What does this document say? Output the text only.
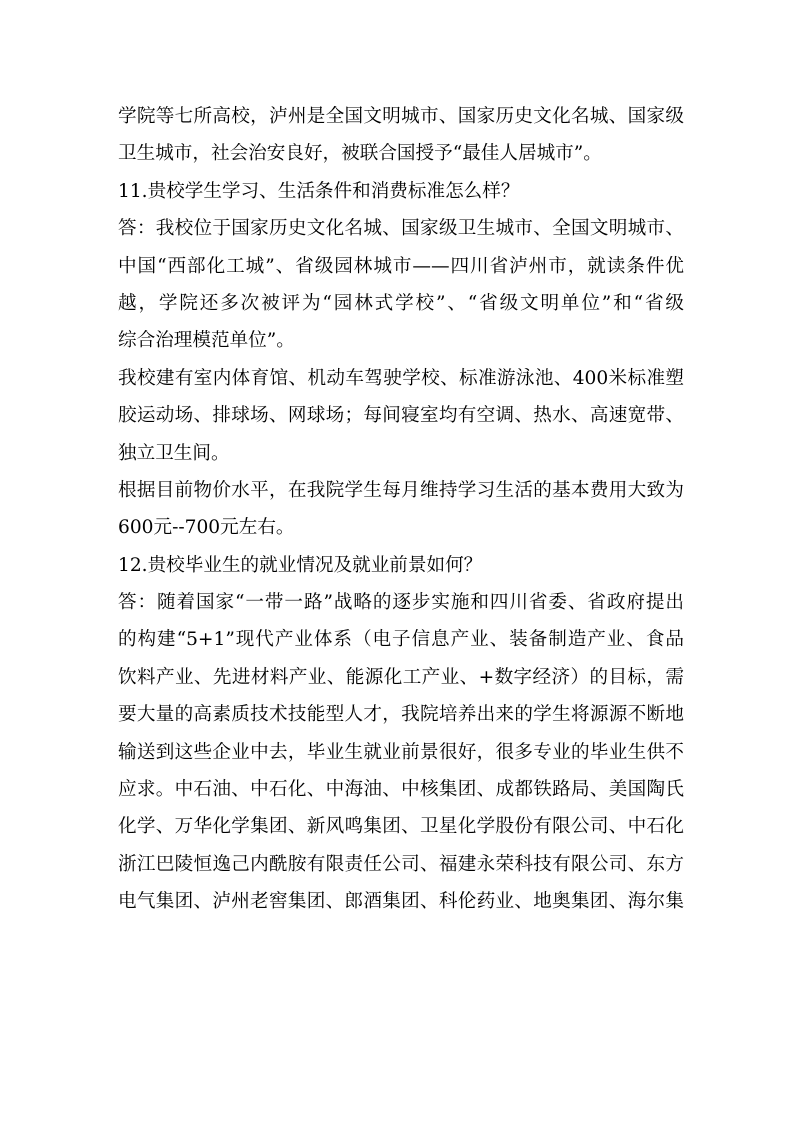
学院等七所高校，泸州是全国文明城市、国家历史文化名城、国家级
卫生城市，社会治安良好，被联合国授予“最佳人居城市”。
11.贵校学生学习、生活条件和消费标准怎么样？
答：我校位于国家历史文化名城、国家级卫生城市、全国文明城市、
中国“西部化工城”、省级园林城市——四川省泸州市，就读条件优
越，学院还多次被评为“园林式学校”、“省级文明单位”和“省级
综合治理模范单位”。
我校建有室内体育馆、机动车驾驶学校、标准游泳池、400米标准塑
胶运动场、排球场、网球场；每间寝室均有空调、热水、高速宽带、
独立卫生间。
根据目前物价水平，在我院学生每月维持学习生活的基本费用大致为
600元--700元左右。
12.贵校毕业生的就业情况及就业前景如何？
答：随着国家“一带一路”战略的逐步实施和四川省委、省政府提出
的构建“5+1”现代产业体系（电子信息产业、装备制造产业、食品
饮料产业、先进材料产业、能源化工产业、+数字经济）的目标，需
要大量的高素质技术技能型人才，我院培养出来的学生将源源不断地
输送到这些企业中去，毕业生就业前景很好，很多专业的毕业生供不
应求。中石油、中石化、中海油、中核集团、成都铁路局、美国陶氏
化学、万华化学集团、新风鸣集团、卫星化学股份有限公司、中石化
浙江巴陵恒逸己内酰胺有限责任公司、福建永荣科技有限公司、东方
电气集团、泸州老窖集团、郎酒集团、科伦药业、地奥集团、海尔集
